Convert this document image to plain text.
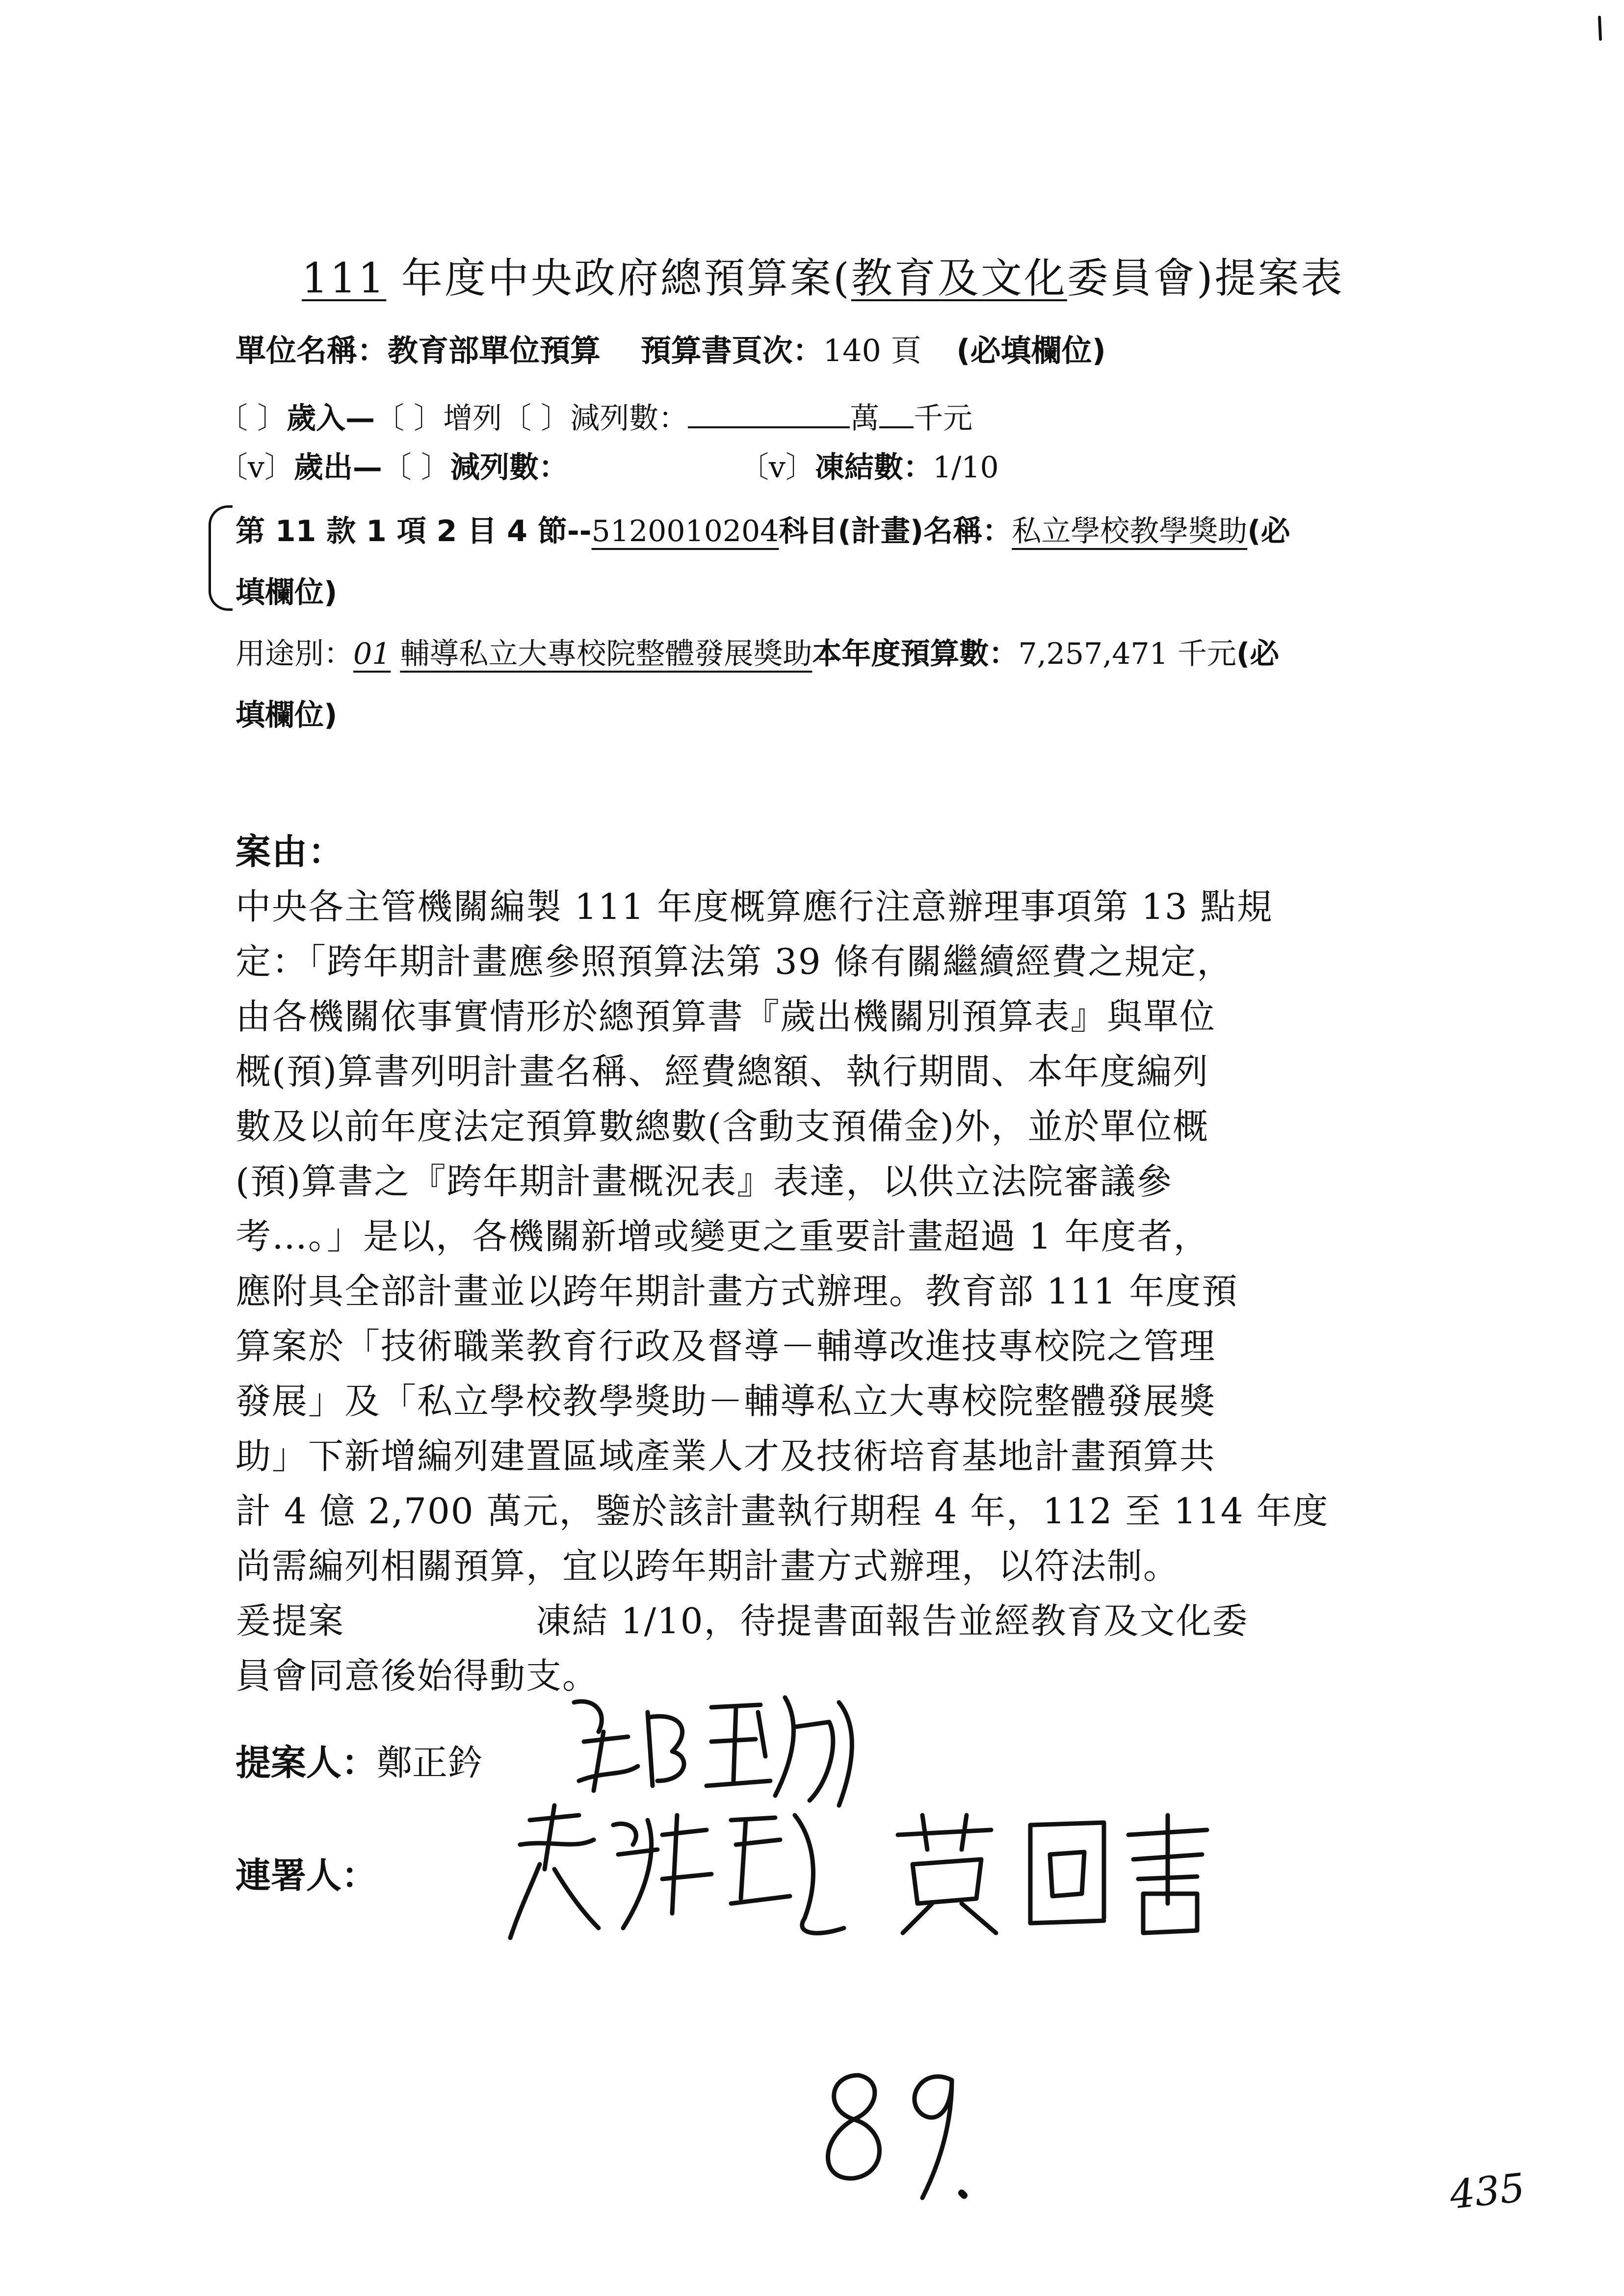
111 年度中央政府總預算案(教育及文化委員會)提案表
單位名稱：教育部單位預算 預算書頁次：140 頁 (必填欄位)
〔 〕歲入—〔 〕增列〔 〕減列數：	萬 千元
〔v〕歲出—〔 〕減列數：	〔v〕凍結數：1/10
第 11 款 1 項 2 目 4 節--5120010204科目(計畫)名稱：私立學校教學獎助(必
填欄位)
用途別：01 輔導私立大專校院整體發展獎助本年度預算數：7,257,471 千元(必
填欄位)
案由：
中央各主管機關編製 111 年度概算應行注意辦理事項第 13 點規
定：「跨年期計畫應參照預算法第 39 條有關繼續經費之規定，
由各機關依事實情形於總預算書『歲出機關別預算表』與單位
概(預)算書列明計畫名稱、經費總額、執行期間、本年度編列
數及以前年度法定預算數總數(含動支預備金)外，並於單位概
(預)算書之『跨年期計畫概況表』表達，以供立法院審議參
考…。」是以，各機關新增或變更之重要計畫超過 1 年度者，
應附具全部計畫並以跨年期計畫方式辦理。教育部 111 年度預
算案於「技術職業教育行政及督導－輔導改進技專校院之管理
發展」及「私立學校教學獎助－輔導私立大專校院整體發展獎
助」下新增編列建置區域產業人才及技術培育基地計畫預算共
計 4 億 2,700 萬元，鑒於該計畫執行期程 4 年，112 至 114 年度
尚需編列相關預算，宜以跨年期計畫方式辦理，以符法制。
爰提案	凍結 1/10，待提書面報告並經教育及文化委
員會同意後始得動支。
提案人：鄭正鈐
連署人：
435
